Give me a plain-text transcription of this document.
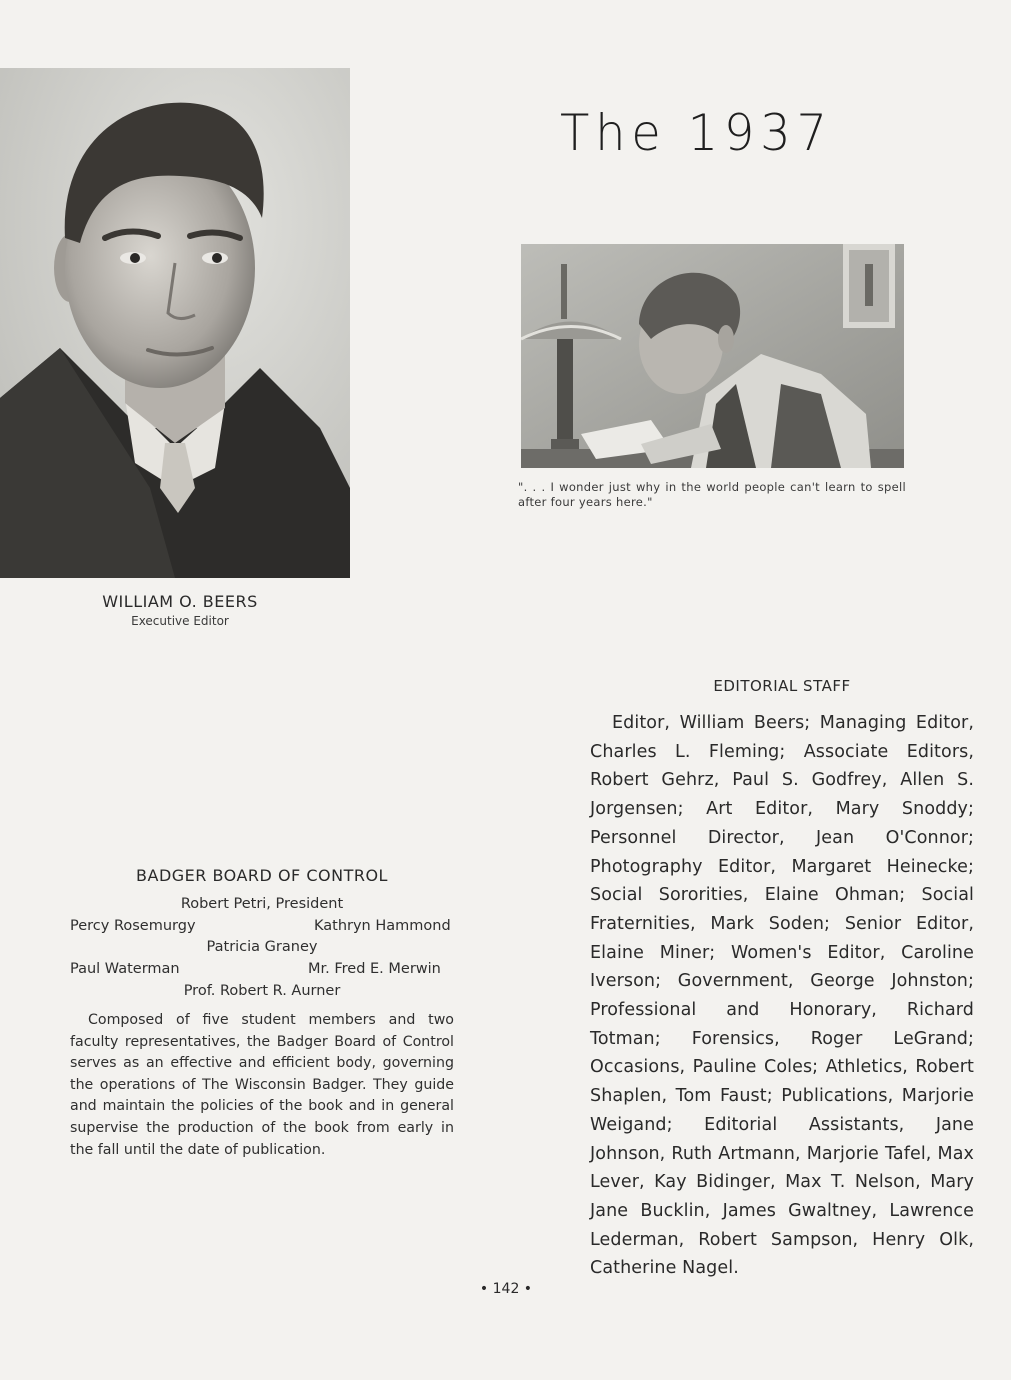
The 1937
WILLIAM O. BEERS
Executive Editor
". . . I wonder just why in the world people can't learn to spell after four years here."
EDITORIAL STAFF
Editor, William Beers; Managing Editor, Charles L. Fleming; Associate Editors, Robert Gehrz, Paul S. Godfrey, Allen S. Jorgensen; Art Editor, Mary Snoddy; Personnel Director, Jean O'Connor; Photography Editor, Margaret Heinecke; Social Sororities, Elaine Ohman; Social Fraternities, Mark Soden; Senior Editor, Elaine Miner; Women's Editor, Caroline Iverson; Government, George Johnston; Professional and Honorary, Richard Totman; Forensics, Roger LeGrand; Occasions, Pauline Coles; Athletics, Robert Shaplen, Tom Faust; Publications, Marjorie Weigand; Editorial Assistants, Jane Johnson, Ruth Artmann, Marjorie Tafel, Max Lever, Kay Bidinger, Max T. Nelson, Mary Jane Bucklin, James Gwaltney, Lawrence Lederman, Robert Sampson, Henry Olk, Catherine Nagel.
BADGER BOARD OF CONTROL
Robert Petri, President
Percy Rosemurgy	Kathryn Hammond
Patricia Graney
Paul Waterman	Mr. Fred E. Merwin
Prof. Robert R. Aurner
Composed of five student members and two faculty representatives, the Badger Board of Control serves as an effective and efficient body, governing the operations of The Wisconsin Badger. They guide and maintain the policies of the book and in general supervise the production of the book from early in the fall until the date of publication.
• 142 •
